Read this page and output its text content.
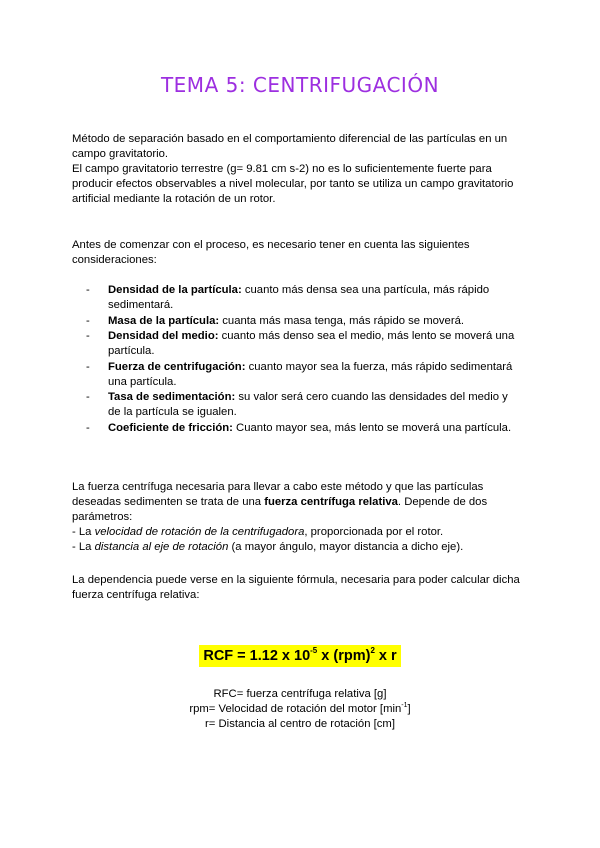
TEMA 5: CENTRIFUGACIÓN

Método de separación basado en el comportamiento diferencial de las partículas en un campo gravitatorio.

El campo gravitatorio terrestre (g= 9.81 cm s-2) no es lo suficientemente fuerte para producir efectos observables a nivel molecular, por tanto se utiliza un campo gravitatorio artificial mediante la rotación de un rotor.

Antes de comenzar con el proceso, es necesario tener en cuenta las siguientes consideraciones:

- Densidad de la partícula: cuanto más densa sea una partícula, más rápido sedimentará.
- Masa de la partícula: cuanta más masa tenga, más rápido se moverá.
- Densidad del medio: cuanto más denso sea el medio, más lento se moverá una partícula.
- Fuerza de centrifugación: cuanto mayor sea la fuerza, más rápido sedimentará una partícula.
- Tasa de sedimentación: su valor será cero cuando las densidades del medio y de la partícula se igualen.
- Coeficiente de fricción: Cuanto mayor sea, más lento se moverá una partícula.

La fuerza centrífuga necesaria para llevar a cabo este método y que las partículas deseadas sedimenten se trata de una fuerza centrífuga relativa. Depende de dos parámetros:

- La velocidad de rotación de la centrifugadora, proporcionada por el rotor.

- La distancia al eje de rotación (a mayor ángulo, mayor distancia a dicho eje).

La dependencia puede verse en la siguiente fórmula, necesaria para poder calcular dicha fuerza centrífuga relativa:

RCF = 1.12 x $10^{-5}$ x (rpm)$^2$ x r

RFC= fuerza centrífuga relativa [g]

rpm= Velocidad de rotación del motor $[\min^{-1}]$

r= Distancia al centro de rotación [cm]
